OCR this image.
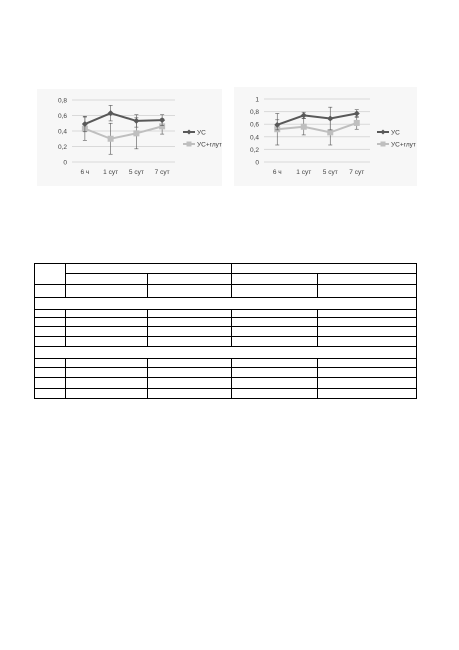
0
0,2
0,4
0,6
0,8
6 ч 1 сут 5 сут 7 сут
УС
УС+глут
0
0,2
0,4
0,6
0,8
1
6 ч 1 сут 5 сут 7 сут
УС
УС+глут
